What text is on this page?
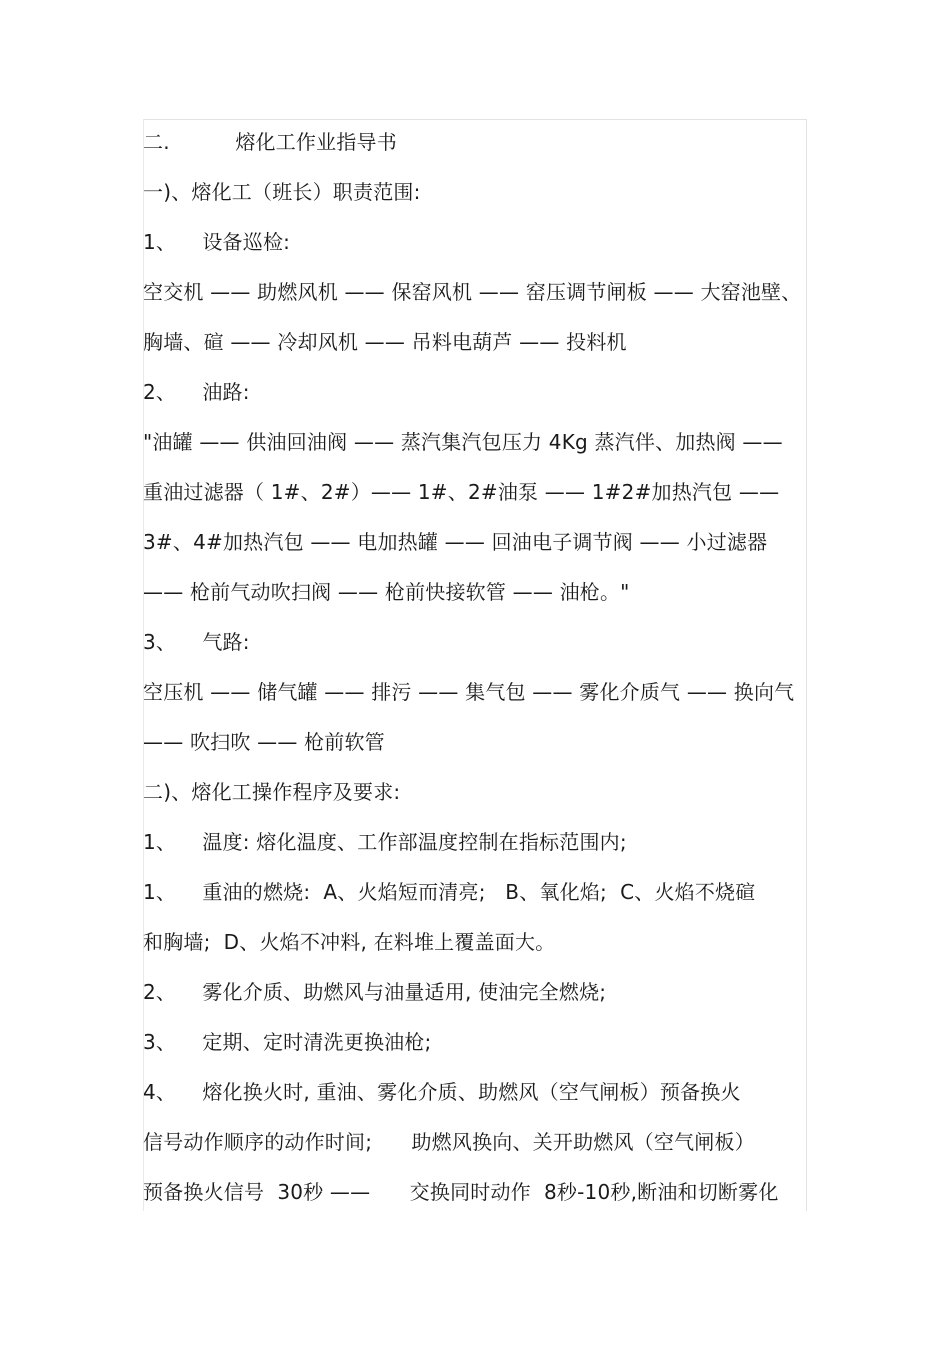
二.          熔化工作业指导书
一)、熔化工（班长）职责范围:
1、    设备巡检:
空交机 —— 助燃风机 —— 保窑风机 —— 窑压调节闸板 —— 大窑池壁、
胸墙、碹 —— 冷却风机 —— 吊料电葫芦 —— 投料机
2、    油路:
"油罐 —— 供油回油阀 —— 蒸汽集汽包压力 4Kg 蒸汽伴、加热阀 ——
重油过滤器（ 1#、2#）—— 1#、2#油泵 —— 1#2#加热汽包 ——
3#、4#加热汽包 —— 电加热罐 —— 回油电子调节阀 —— 小过滤器
—— 枪前气动吹扫阀 —— 枪前快接软管 —— 油枪。"
3、    气路:
空压机 —— 储气罐 —— 排污 —— 集气包 —— 雾化介质气 —— 换向气
—— 吹扫吹 —— 枪前软管
二)、熔化工操作程序及要求:
1、    温度: 熔化温度、工作部温度控制在指标范围内;
1、    重油的燃烧:  A、火焰短而清亮;   B、氧化焰;  C、火焰不烧碹
和胸墙;  D、火焰不冲料, 在料堆上覆盖面大。
2、    雾化介质、助燃风与油量适用, 使油完全燃烧;
3、    定期、定时清洗更换油枪;
4、    熔化换火时, 重油、雾化介质、助燃风（空气闸板）预备换火
信号动作顺序的动作时间;      助燃风换向、关开助燃风（空气闸板）
预备换火信号  30秒 ——      交换同时动作  8秒-10秒,断油和切断雾化
